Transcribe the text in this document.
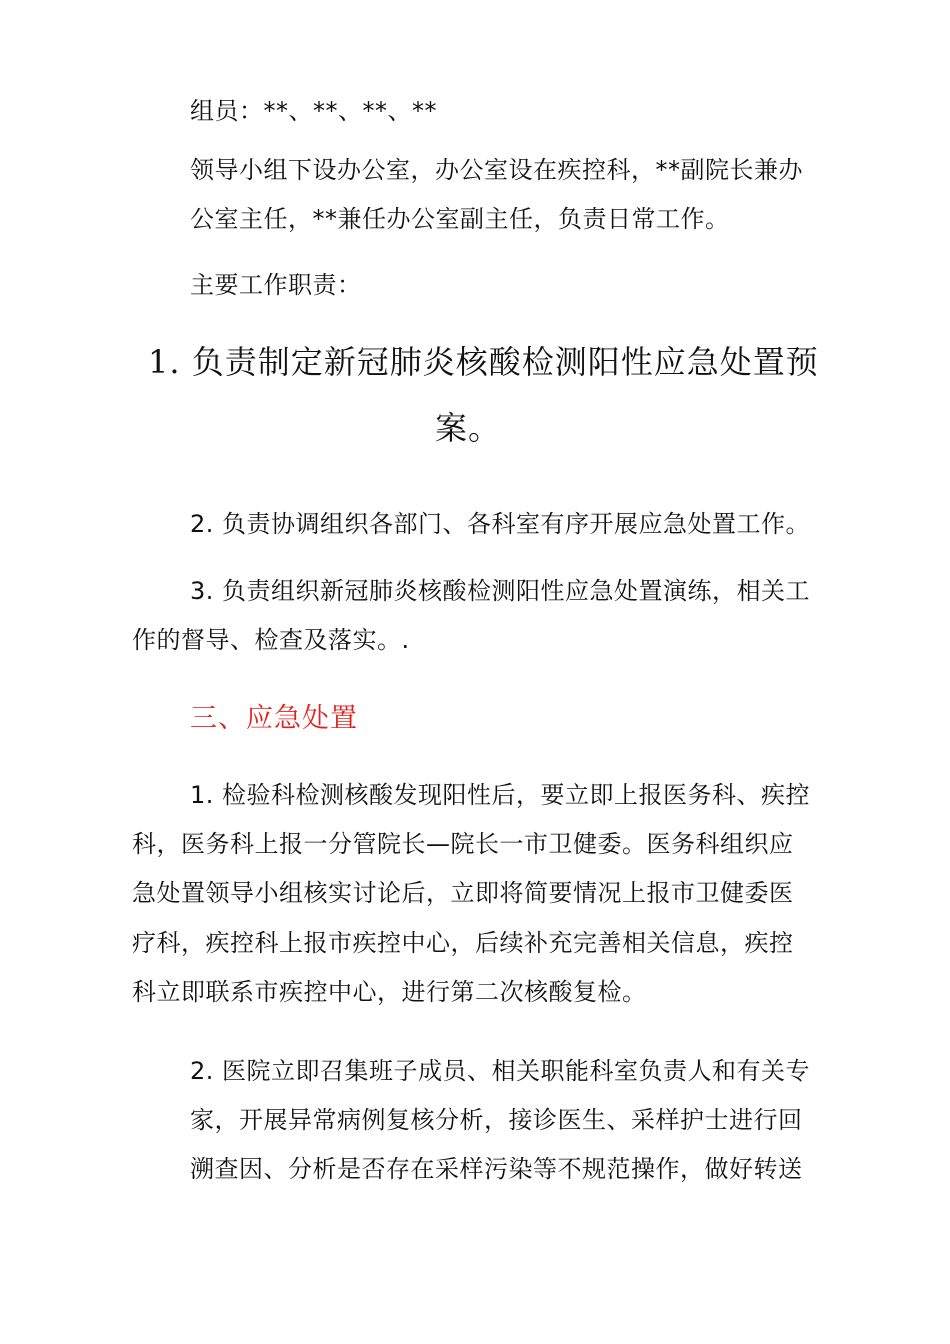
组员：**、**、**、**
领导小组下设办公室，办公室设在疾控科，**副院长兼办
公室主任，**兼任办公室副主任，负责日常工作。
主要工作职责：
1. 负责制定新冠肺炎核酸检测阳性应急处置预
案。
2. 负责协调组织各部门、各科室有序开展应急处置工作。
3. 负责组织新冠肺炎核酸检测阳性应急处置演练，相关工
作的督导、检查及落实。.
三、应急处置
1. 检验科检测核酸发现阳性后，要立即上报医务科、疾控
科，医务科上报一分管院长—院长一市卫健委。医务科组织应
急处置领导小组核实讨论后，立即将简要情况上报市卫健委医
疗科，疾控科上报市疾控中心，后续补充完善相关信息，疾控
科立即联系市疾控中心，进行第二次核酸复检。
2. 医院立即召集班子成员、相关职能科室负责人和有关专
家，开展异常病例复核分析，接诊医生、采样护士进行回
溯查因、分析是否存在采样污染等不规范操作，做好转送
